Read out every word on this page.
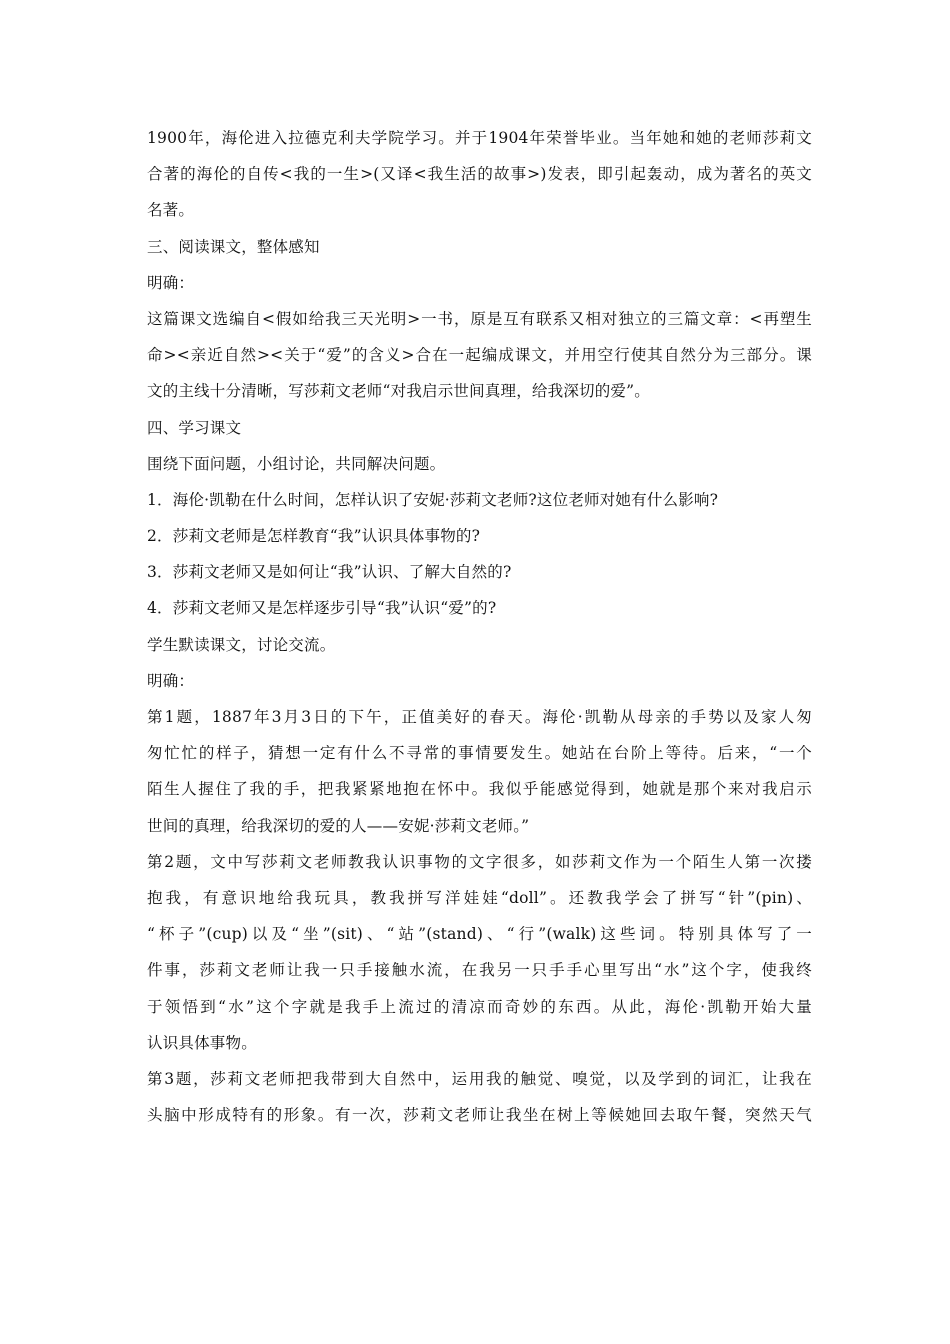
1900年，海伦进入拉德克利夫学院学习。并于1904年荣誉毕业。当年她和她的老师莎莉文
合著的海伦的自传<我的一生>(又译<我生活的故事>)发表，即引起轰动，成为著名的英文
名著。
三、阅读课文，整体感知
明确：
这篇课文选编自<假如给我三天光明>一书，原是互有联系又相对独立的三篇文章：<再塑生
命><亲近自然><关于“爱”的含义>合在一起编成课文，并用空行使其自然分为三部分。课
文的主线十分清晰，写莎莉文老师“对我启示世间真理，给我深切的爱”。
四、学习课文
围绕下面问题，小组讨论，共同解决问题。
1．海伦·凯勒在什么时间，怎样认识了安妮·莎莉文老师?这位老师对她有什么影响?
2．莎莉文老师是怎样教育“我”认识具体事物的?
3．莎莉文老师又是如何让“我”认识、了解大自然的?
4．莎莉文老师又是怎样逐步引导“我”认识“爱”的?
学生默读课文，讨论交流。
明确：
第1题，1887年3月3日的下午，正值美好的春天。海伦·凯勒从母亲的手势以及家人匆
匆忙忙的样子，猜想一定有什么不寻常的事情要发生。她站在台阶上等待。后来，“一个
陌生人握住了我的手，把我紧紧地抱在怀中。我似乎能感觉得到，她就是那个来对我启示
世间的真理，给我深切的爱的人——安妮·莎莉文老师。”
第2题，文中写莎莉文老师教我认识事物的文字很多，如莎莉文作为一个陌生人第一次搂
抱我，有意识地给我玩具，教我拼写洋娃娃“doll”。还教我学会了拼写“针”(pin)、
“杯子”(cup)以及“坐”(sit)、“站”(stand)、“行”(walk)这些词。特别具体写了一
件事，莎莉文老师让我一只手接触水流，在我另一只手手心里写出“水”这个字，使我终
于领悟到“水”这个字就是我手上流过的清凉而奇妙的东西。从此，海伦·凯勒开始大量
认识具体事物。
第3题，莎莉文老师把我带到大自然中，运用我的触觉、嗅觉，以及学到的词汇，让我在
头脑中形成特有的形象。有一次，莎莉文老师让我坐在树上等候她回去取午餐，突然天气
